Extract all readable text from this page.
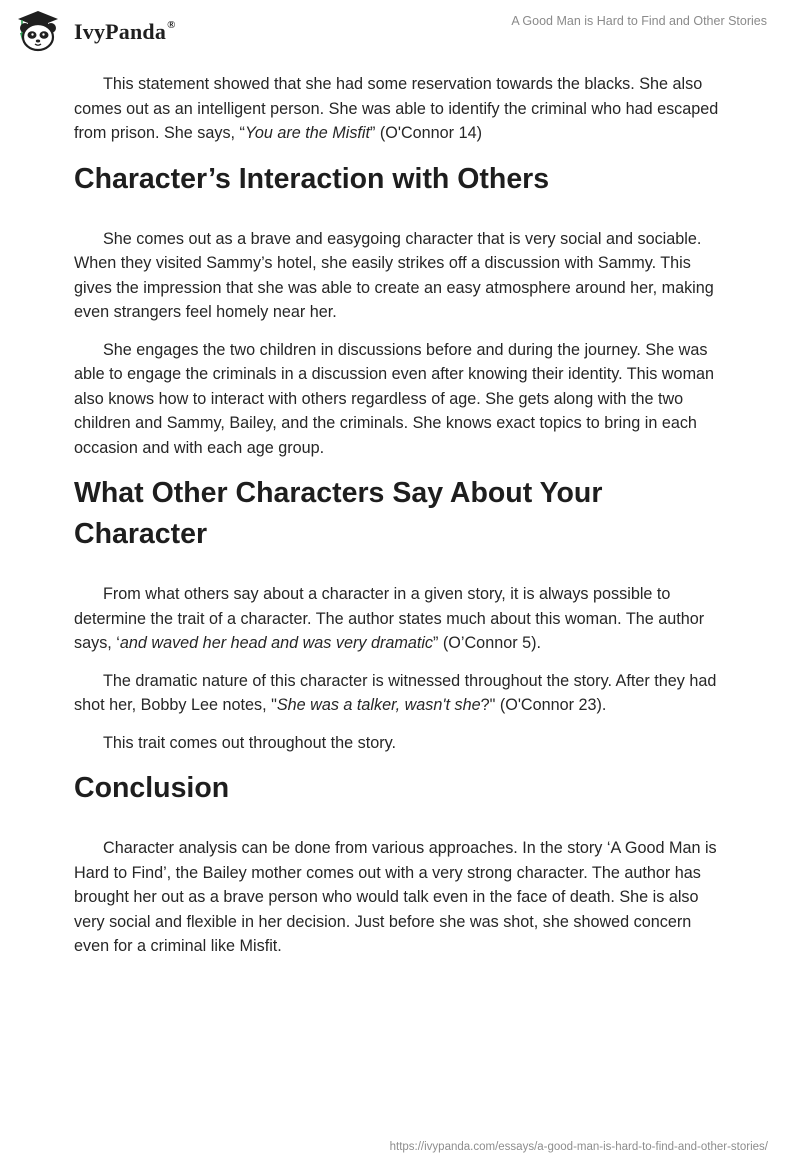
IvyPanda®	A Good Man is Hard to Find and Other Stories

This statement showed that she had some reservation towards the blacks. She also comes out as an intelligent person. She was able to identify the criminal who had escaped from prison. She says, “You are the Misfit” (O'Connor 14)

Character’s Interaction with Others

She comes out as a brave and easygoing character that is very social and sociable. When they visited Sammy’s hotel, she easily strikes off a discussion with Sammy. This gives the impression that she was able to create an easy atmosphere around her, making even strangers feel homely near her.

She engages the two children in discussions before and during the journey. She was able to engage the criminals in a discussion even after knowing their identity. This woman also knows how to interact with others regardless of age. She gets along with the two children and Sammy, Bailey, and the criminals. She knows exact topics to bring in each occasion and with each age group.

What Other Characters Say About Your Character

From what others say about a character in a given story, it is always possible to determine the trait of a character. The author states much about this woman. The author says, ‘and waved her head and was very dramatic” (O’Connor 5).

The dramatic nature of this character is witnessed throughout the story. After they had shot her, Bobby Lee notes, "She was a talker, wasn't she?" (O'Connor 23).

This trait comes out throughout the story.

Conclusion

Character analysis can be done from various approaches. In the story ‘A Good Man is Hard to Find’, the Bailey mother comes out with a very strong character. The author has brought her out as a brave person who would talk even in the face of death. She is also very social and flexible in her decision. Just before she was shot, she showed concern even for a criminal like Misfit.

https://ivypanda.com/essays/a-good-man-is-hard-to-find-and-other-stories/
